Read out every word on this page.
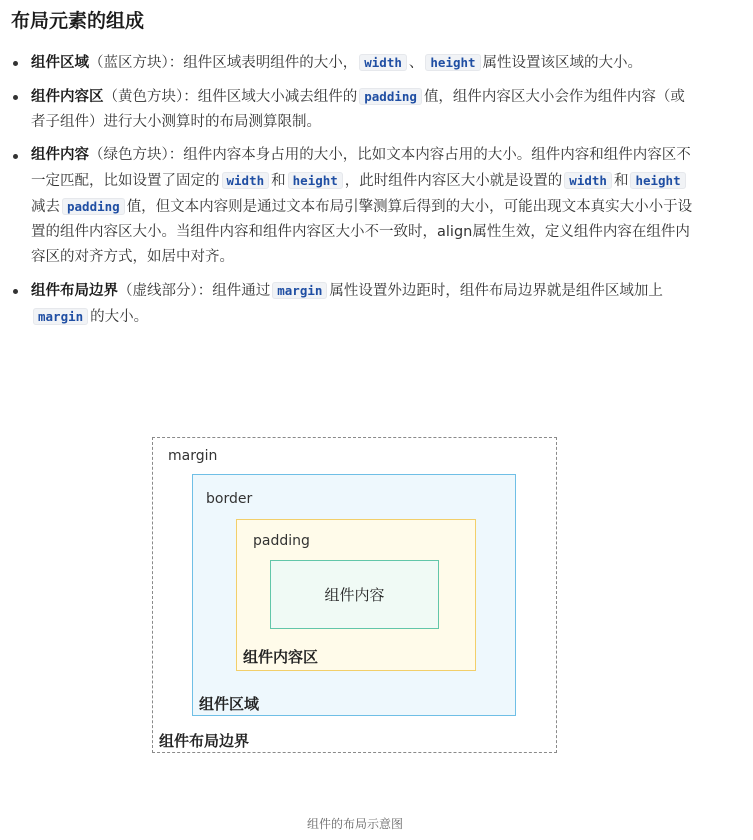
布局元素的组成
组件区域（蓝区方块）：组件区域表明组件的大小， width 、 height 属性设置该区域的大小。
组件内容区（黄色方块）：组件区域大小减去组件的 padding 值，组件内容区大小会作为组件内容（或者子组件）进行大小测算时的布局测算限制。
组件内容（绿色方块）：组件内容本身占用的大小，比如文本内容占用的大小。组件内容和组件内容区不一定匹配，比如设置了固定的 width 和 height ，此时组件内容区大小就是设置的 width 和 height减去 padding 值，但文本内容则是通过文本布局引擎测算后得到的大小，可能出现文本真实大小小于设置的组件内容区大小。当组件内容和组件内容区大小不一致时，align属性生效，定义组件内容在组件内容区的对齐方式，如居中对齐。
组件布局边界（虚线部分）：组件通过 margin 属性设置外边距时，组件布局边界就是组件区域加上margin 的大小。
margin
border
padding
组件内容
组件内容区
组件区域
组件布局边界
组件的布局示意图
